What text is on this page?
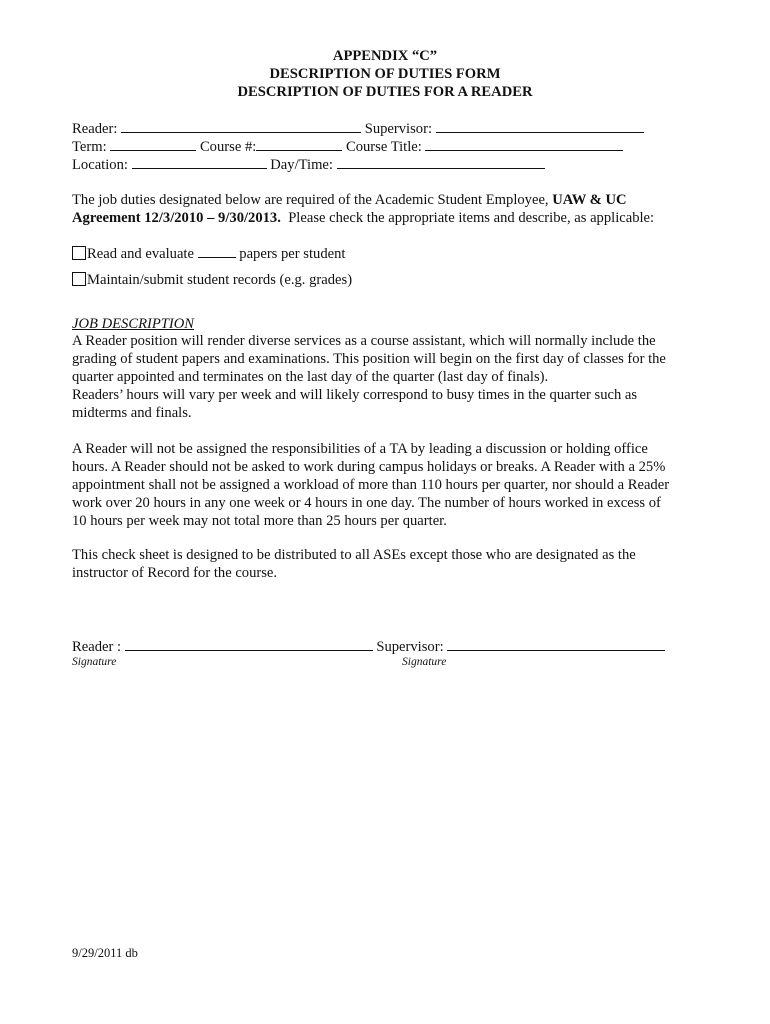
APPENDIX “C”
DESCRIPTION OF DUTIES FORM
DESCRIPTION OF DUTIES FOR A READER
Reader:	Supervisor:
Term:	Course #:	Course Title:
Location:	Day/Time:
The job duties designated below are required of the Academic Student Employee, UAW & UC
Agreement 12/3/2010 – 9/30/2013.  Please check the appropriate items and describe, as applicable:
Read and evaluate	papers per student
Maintain/submit student records (e.g. grades)
JOB DESCRIPTION
A Reader position will render diverse services as a course assistant, which will normally include the
grading of student papers and examinations. This position will begin on the first day of classes for the
quarter appointed and terminates on the last day of the quarter (last day of finals).
Readers’ hours will vary per week and will likely correspond to busy times in the quarter such as
midterms and finals.
A Reader will not be assigned the responsibilities of a TA by leading a discussion or holding office
hours. A Reader should not be asked to work during campus holidays or breaks. A Reader with a 25%
appointment shall not be assigned a workload of more than 110 hours per quarter, nor should a Reader
work over 20 hours in any one week or 4 hours in one day. The number of hours worked in excess of
10 hours per week may not total more than 25 hours per quarter.
This check sheet is designed to be distributed to all ASEs except those who are designated as the
instructor of Record for the course.
Reader :	Supervisor:
Signature	Signature
9/29/2011 db
